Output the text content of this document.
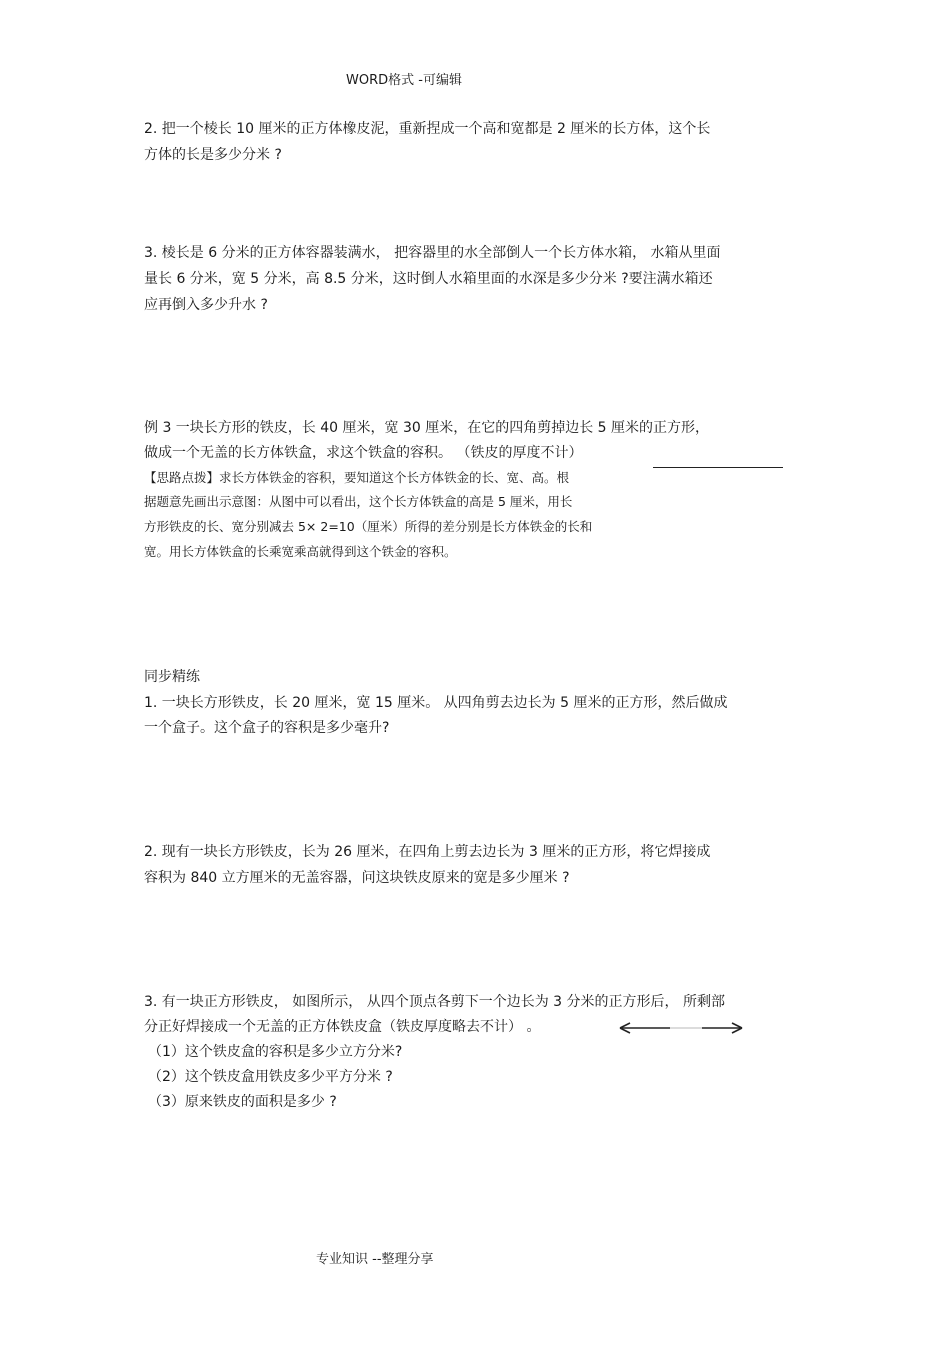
WORD格式 -可编辑
2. 把一个棱长 10 厘米的正方体橡皮泥，重新捏成一个高和宽都是 2 厘米的长方体，这个长
方体的长是多少分米 ?
3. 棱长是 6 分米的正方体容器装满水， 把容器里的水全部倒人一个长方体水箱， 水箱从里面
量长 6 分米，宽 5 分米，高 8.5 分米，这时倒人水箱里面的水深是多少分米 ?要注满水箱还
应再倒入多少升水 ?
例 3 一块长方形的铁皮，长 40 厘米，宽 30 厘米，在它的四角剪掉边长 5 厘米的正方形，
做成一个无盖的长方体铁盒，求这个铁盒的容积。 （铁皮的厚度不计）
【思路点拨】求长方体铁金的容积，要知道这个长方体铁金的长、宽、高。根
据题意先画出示意图：从图中可以看出，这个长方体铁盒的高是 5 厘米，用长
方形铁皮的长、宽分别减去 5× 2=10（厘米）所得的差分别是长方体铁金的长和
宽。用长方体铁盒的长乘宽乘高就得到这个铁金的容积。
同步精练
1. 一块长方形铁皮，长 20 厘米，宽 15 厘米。 从四角剪去边长为 5 厘米的正方形，然后做成
一个盒子。这个盒子的容积是多少毫升?
2. 现有一块长方形铁皮，长为 26 厘米，在四角上剪去边长为 3 厘米的正方形，将它焊接成
容积为 840 立方厘米的无盖容器，问这块铁皮原来的宽是多少厘米 ?
3. 有一块正方形铁皮， 如图所示， 从四个顶点各剪下一个边长为 3 分米的正方形后， 所剩部
分正好焊接成一个无盖的正方体铁皮盒（铁皮厚度略去不计） 。
（1）这个铁皮盒的容积是多少立方分米?
（2）这个铁皮盒用铁皮多少平方分米 ?
（3）原来铁皮的面积是多少 ?
专业知识 --整理分享
